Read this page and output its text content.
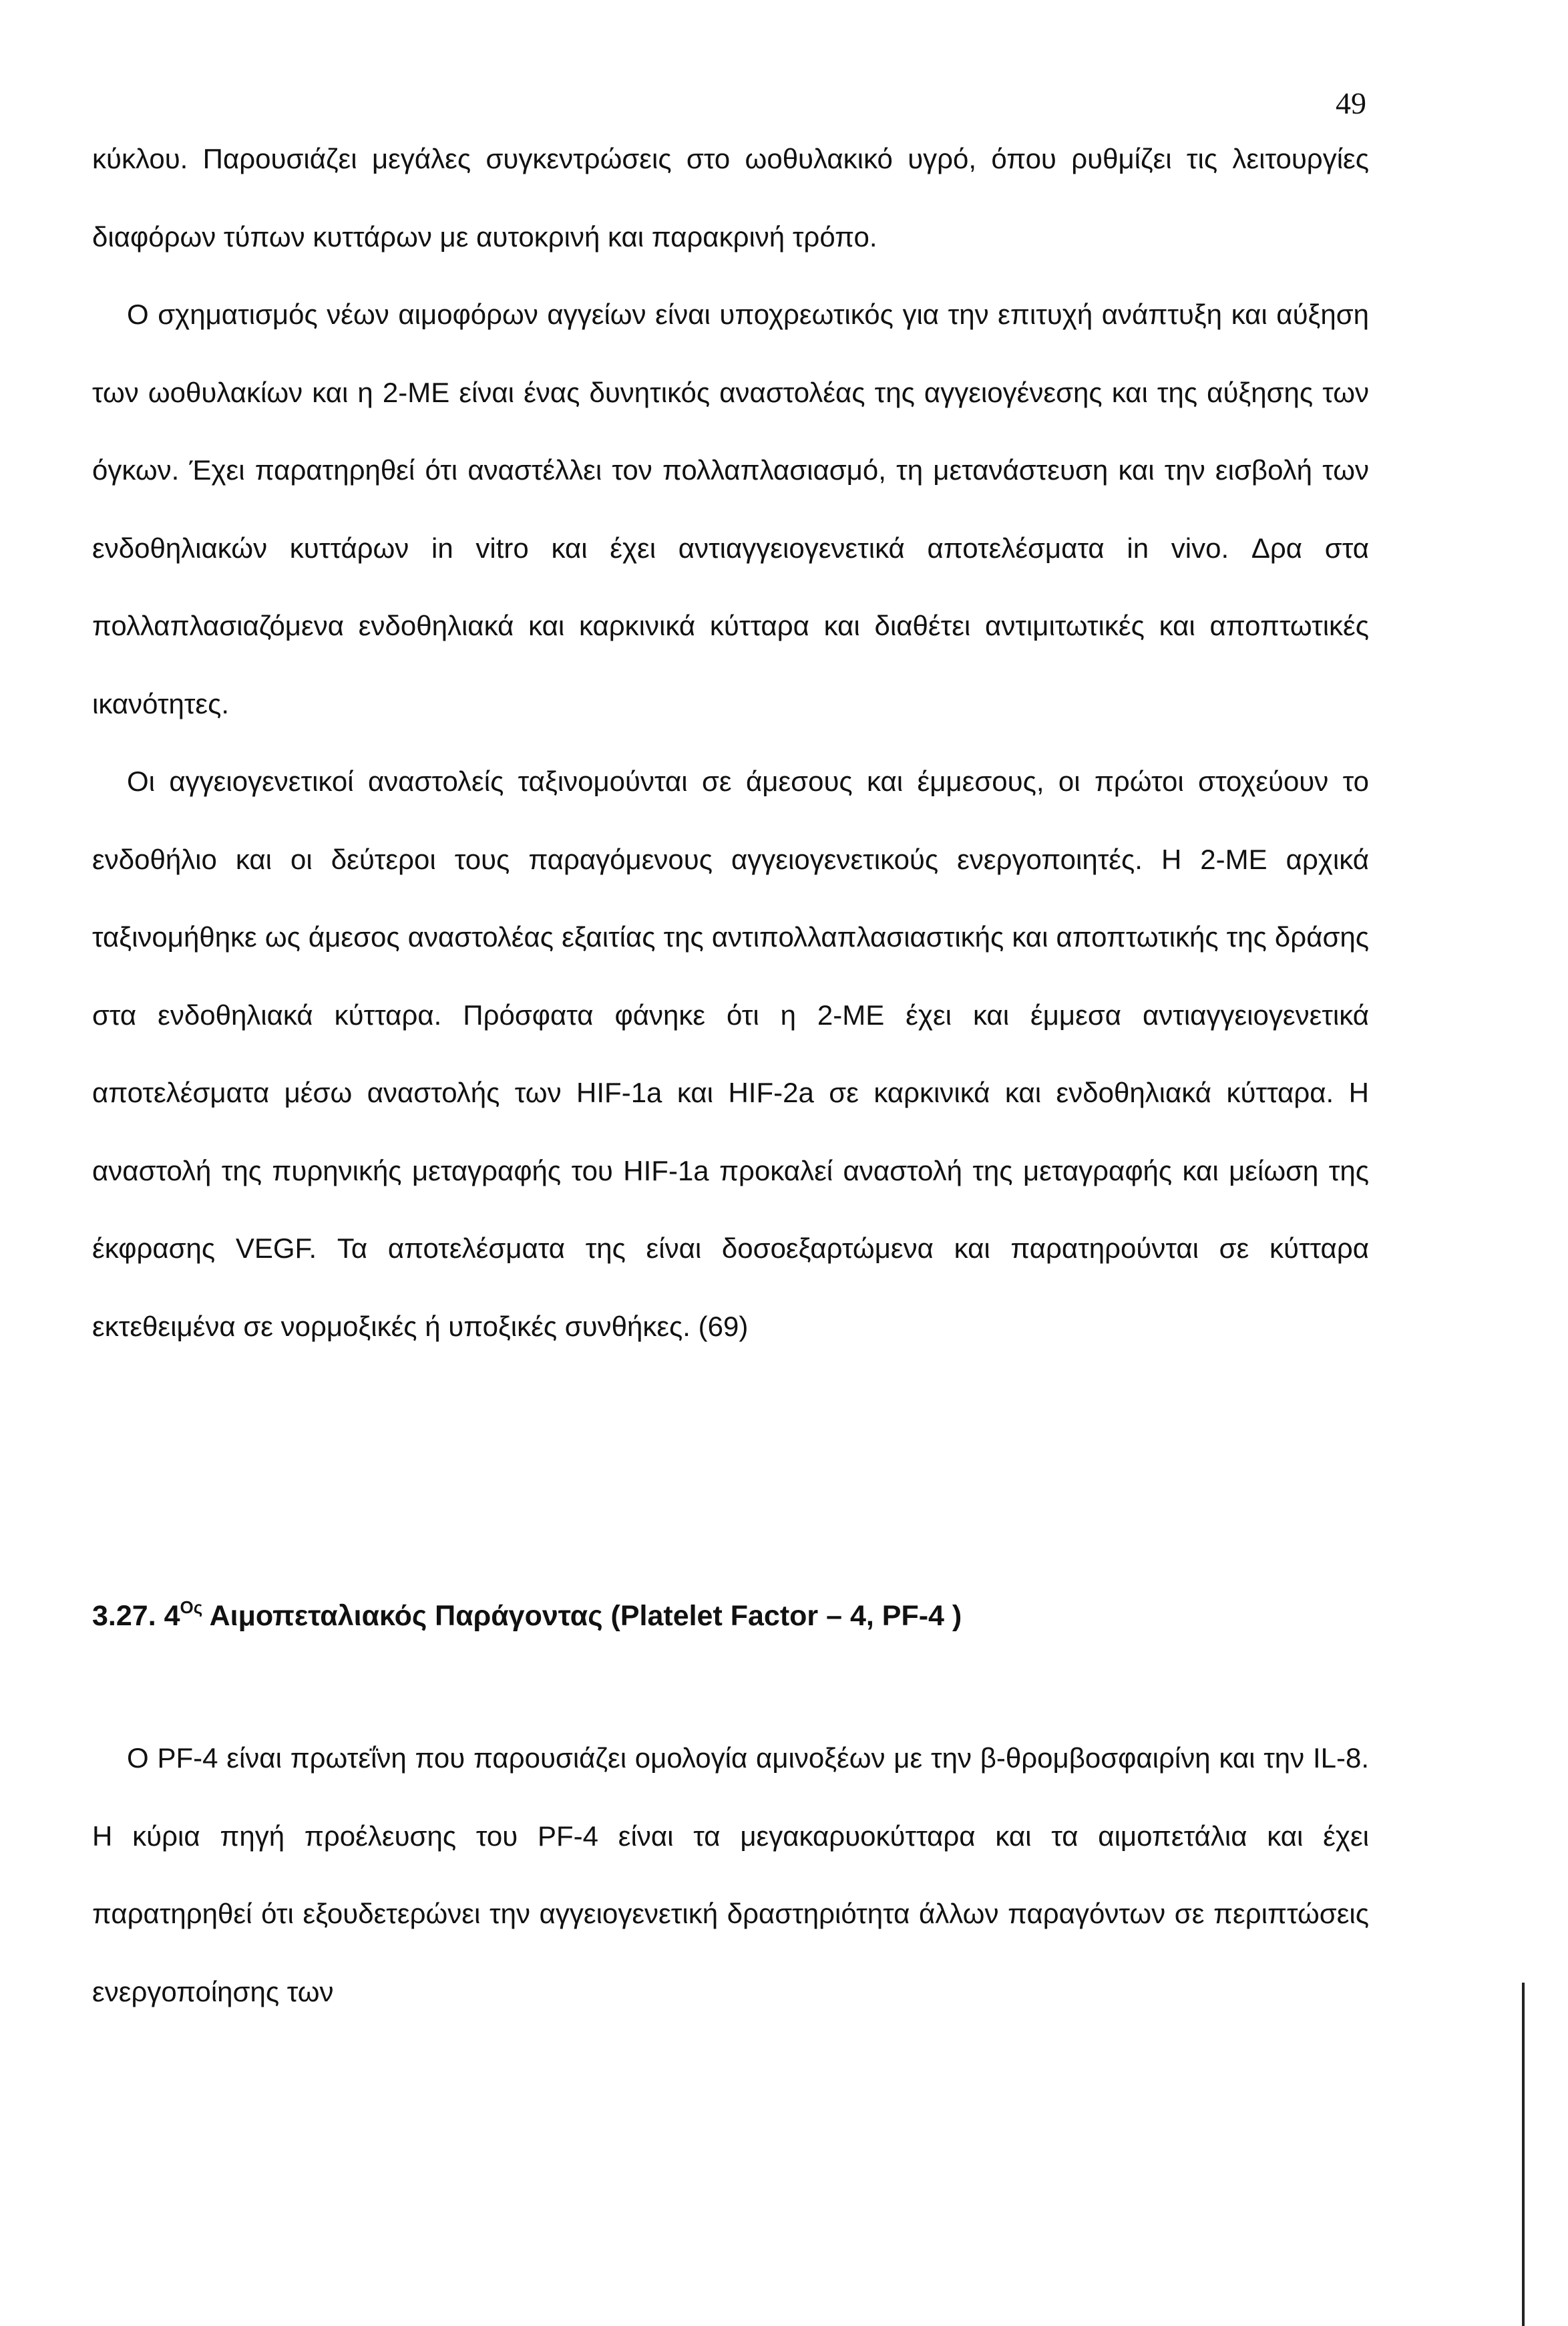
49

κύκλου. Παρουσιάζει μεγάλες συγκεντρώσεις στο ωοθυλακικό υγρό, όπου ρυθμίζει τις λειτουργίες διαφόρων τύπων κυττάρων με αυτοκρινή και παρακρινή τρόπο.

Ο σχηματισμός νέων αιμοφόρων αγγείων είναι υποχρεωτικός για την επιτυχή ανάπτυξη και αύξηση των ωοθυλακίων και η 2-ΜΕ είναι ένας δυνητικός αναστολέας της αγγειογένεσης και της αύξησης των όγκων. Έχει παρατηρηθεί ότι αναστέλλει τον πολλαπλασιασμό, τη μετανάστευση και την εισβολή των ενδοθηλιακών κυττάρων in vitro και έχει αντιαγγειογενετικά αποτελέσματα in vivo. Δρα στα πολλαπλασιαζόμενα ενδοθηλιακά και καρκινικά κύτταρα και διαθέτει αντιμιτωτικές και αποπτωτικές ικανότητες.

Οι αγγειογενετικοί αναστολείς ταξινομούνται σε άμεσους και έμμεσους, οι πρώτοι στοχεύουν το ενδοθήλιο και οι δεύτεροι τους παραγόμενους αγγειογενετικούς ενεργοποιητές. Η 2-ΜΕ αρχικά ταξινομήθηκε ως άμεσος αναστολέας εξαιτίας της αντιπολλαπλασιαστικής και αποπτωτικής της δράσης στα ενδοθηλιακά κύτταρα. Πρόσφατα φάνηκε ότι η 2-ΜΕ έχει και έμμεσα αντιαγγειογενετικά αποτελέσματα μέσω αναστολής των HIF-1a και HIF-2a σε καρκινικά και ενδοθηλιακά κύτταρα. Η αναστολή της πυρηνικής μεταγραφής του HIF-1a προκαλεί αναστολή της μεταγραφής και μείωση της έκφρασης VEGF. Τα αποτελέσματα της είναι δοσοεξαρτώμενα και παρατηρούνται σε κύτταρα εκτεθειμένα σε νορμοξικές ή υποξικές συνθήκες. (69)

3.27. $4^{O\varsigma}$ Αιμοπεταλιακός Παράγοντας (Platelet Factor – 4, PF-4 )

Ο PF-4 είναι πρωτεΐνη που παρουσιάζει ομολογία αμινοξέων με την β-θρομβοσφαιρίνη και την IL-8. Η κύρια πηγή προέλευσης του PF-4 είναι τα μεγακαρυοκύτταρα και τα αιμοπετάλια και έχει παρατηρηθεί ότι εξουδετερώνει την αγγειογενετική δραστηριότητα άλλων παραγόντων σε περιπτώσεις ενεργοποίησης των
